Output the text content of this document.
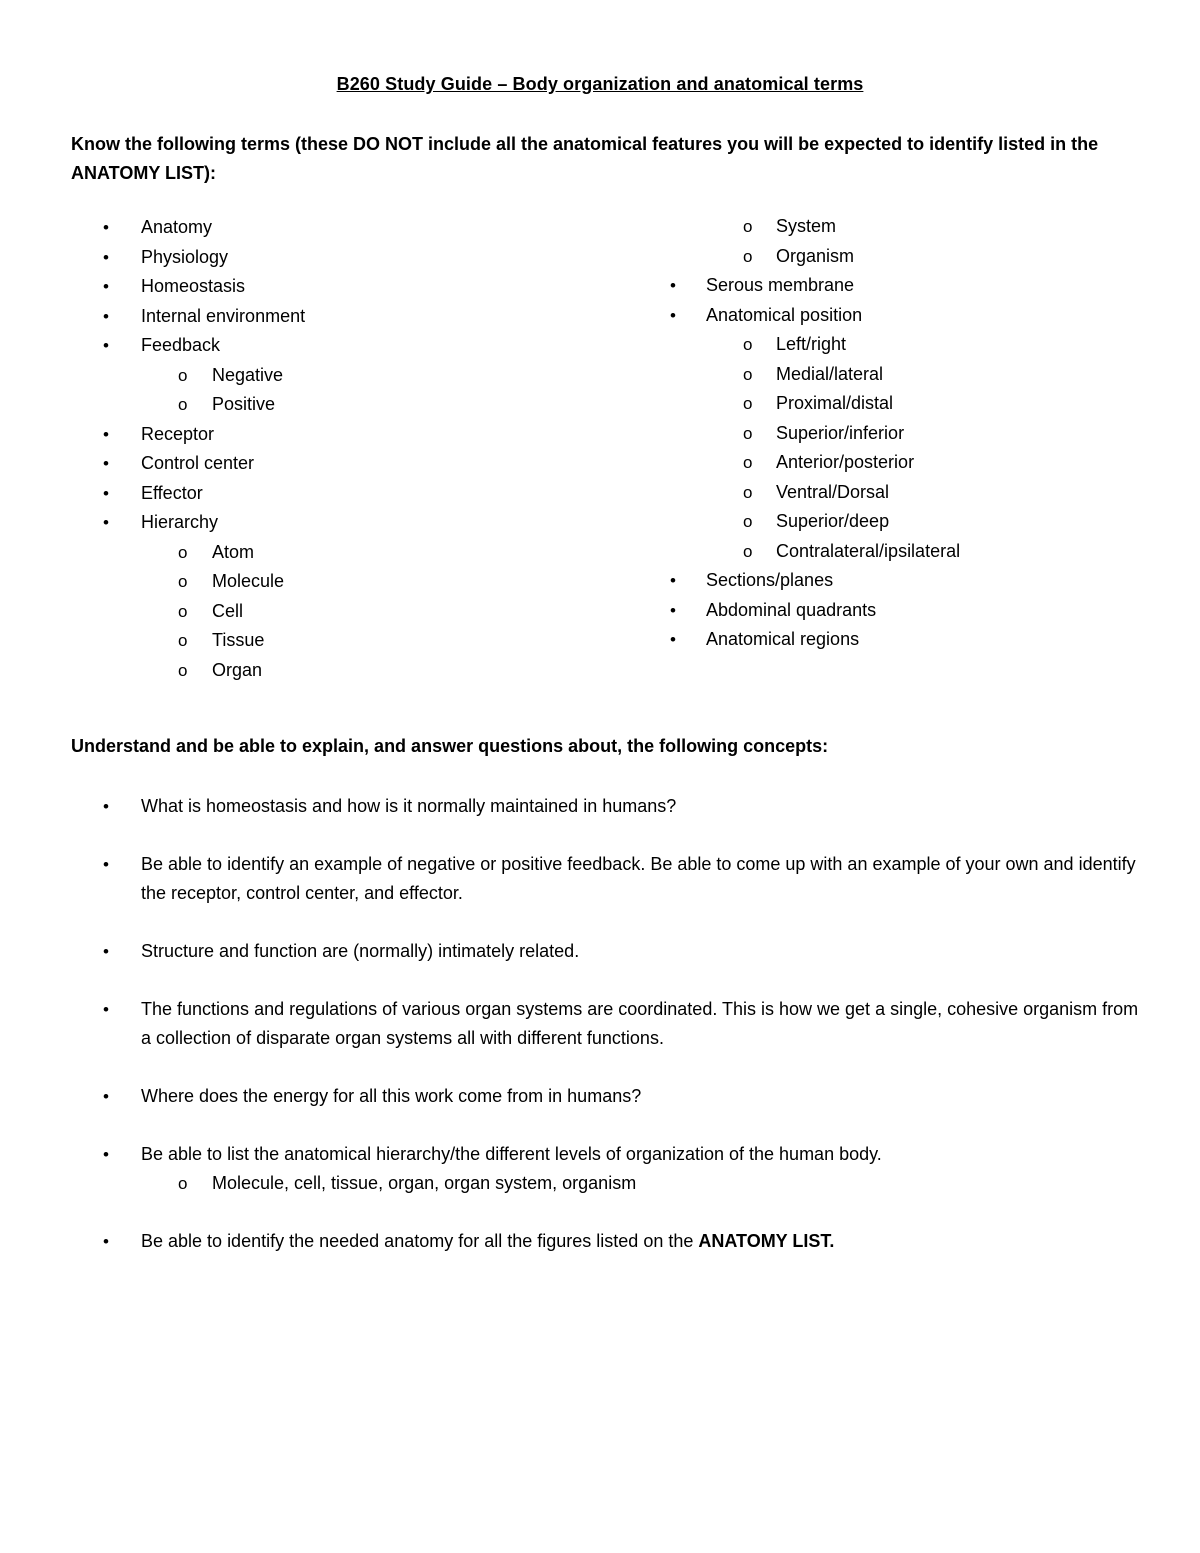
B260 Study Guide – Body organization and anatomical terms
Know the following terms (these DO NOT include all the anatomical features you will be expected to identify listed in the ANATOMY LIST):
• Anatomy
• Physiology
• Homeostasis
• Internal environment
• Feedback
o Negative
o Positive
• Receptor
• Control center
• Effector
• Hierarchy
o Atom
o Molecule
o Cell
o Tissue
o Organ
o System
o Organism
• Serous membrane
• Anatomical position
o Left/right
o Medial/lateral
o Proximal/distal
o Superior/inferior
o Anterior/posterior
o Ventral/Dorsal
o Superior/deep
o Contralateral/ipsilateral
• Sections/planes
• Abdominal quadrants
• Anatomical regions
Understand and be able to explain, and answer questions about, the following concepts:
• What is homeostasis and how is it normally maintained in humans?
• Be able to identify an example of negative or positive feedback. Be able to come up with an example of your own and identify the receptor, control center, and effector.
• Structure and function are (normally) intimately related.
• The functions and regulations of various organ systems are coordinated. This is how we get a single, cohesive organism from a collection of disparate organ systems all with different functions.
• Where does the energy for all this work come from in humans?
• Be able to list the anatomical hierarchy/the different levels of organization of the human body.
o Molecule, cell, tissue, organ, organ system, organism
• Be able to identify the needed anatomy for all the figures listed on the ANATOMY LIST.
